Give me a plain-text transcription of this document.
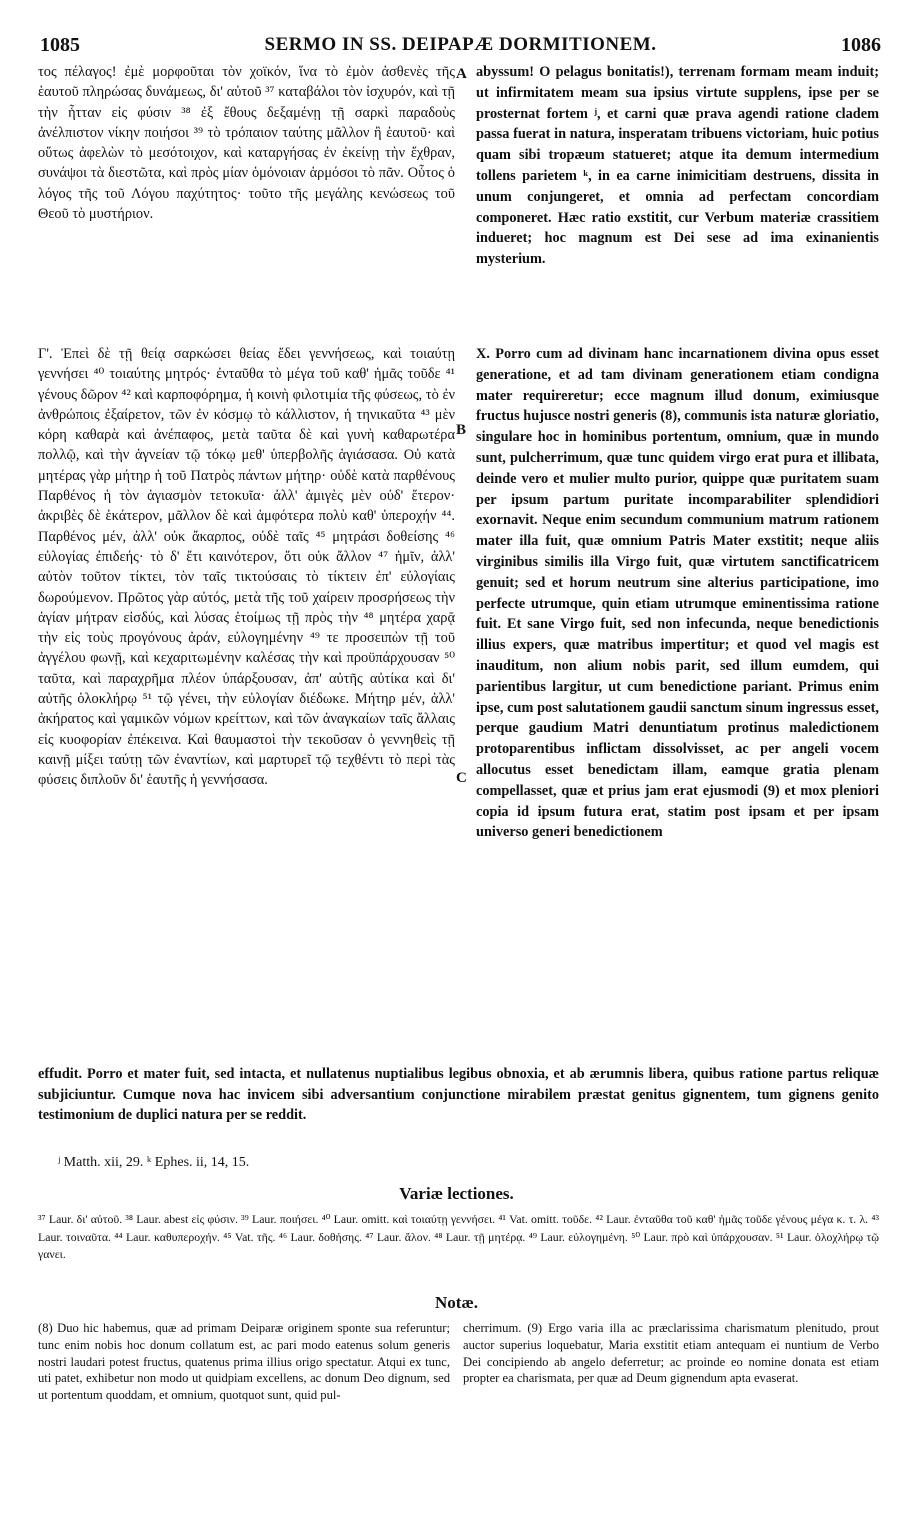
1085	SERMO IN SS. DEIPAPÆ DORMITIONEM.	1086
A
B
C
τος πέλαγος! ἐμὲ μορφοῦται τὸν χοϊκόν, ἵνα τὸ ἐμὸν ἀσθενὲς τῆς ἑαυτοῦ πληρώσας δυνάμεως, δι' αὐτοῦ ³⁷ καταβάλοι τὸν ἰσχυρόν, καὶ τῇ τὴν ἧτταν εἰς φύσιν ³⁸ ἐξ ἔθους δεξαμένῃ τῇ σαρκὶ παραδοὺς ἀνέλπιστον νίκην ποιήσοι ³⁹ τὸ τρόπαιον ταύτης μᾶλλον ἢ ἑαυτοῦ· καὶ οὕτως ἀφελὼν τὸ μεσότοιχον, καὶ καταργήσας ἐν ἐκείνῃ τὴν ἔχθραν, συνάψοι τὰ διεστῶτα, καὶ πρὸς μίαν ὁμόνοιαν ἁρμόσοι τὸ πᾶν. Οὗτος ὁ λόγος τῆς τοῦ Λόγου παχύτητος· τοῦτο τῆς μεγάλης κενώσεως τοῦ Θεοῦ τὸ μυστήριον.
abyssum! O pelagus bonitatis!), terrenam formam meam induit; ut infirmitatem meam sua ipsius virtute supplens, ipse per se prosternat fortem ʲ, et carni quæ prava agendi ratione cladem passa fuerat in natura, insperatam tribuens victoriam, huic potius quam sibi tropæum statueret; atque ita demum intermedium tollens parietem ᵏ, in ea carne inimicitiam destruens, dissita in unum conjungeret, et omnia ad perfectam concordiam componeret. Hæc ratio exstitit, cur Verbum materiæ crassitiem indueret; hoc magnum est Dei sese ad ima exinanientis mysterium.
Γ'. Ἐπεὶ δὲ τῇ θείᾳ σαρκώσει θείας ἔδει γεννήσεως, καὶ τοιαύτῃ γεννήσει ⁴⁰ τοιαύτης μητρός· ἐνταῦθα τὸ μέγα τοῦ καθ' ἡμᾶς τοῦδε ⁴¹ γένους δῶρον ⁴² καὶ καρποφόρημα, ἡ κοινὴ φιλοτιμία τῆς φύσεως, τὸ ἐν ἀνθρώποις ἐξαίρετον, τῶν ἐν κόσμῳ τὸ κάλλιστον, ἡ τηνικαῦτα ⁴³ μὲν κόρη καθαρὰ καὶ ἀνέπαφος, μετὰ ταῦτα δὲ καὶ γυνὴ καθαρωτέρα πολλῷ, καὶ τὴν ἁγνείαν τῷ τόκῳ μεθ' ὑπερβολῆς ἁγιάσασα. Οὐ κατὰ μητέρας γὰρ μήτηρ ἡ τοῦ Πατρὸς πάντων μήτηρ· οὐδὲ κατὰ παρθένους Παρθένος ἡ τὸν ἁγιασμὸν τετοκυῖα· ἀλλ' ἀμιγὲς μὲν οὐδ' ἕτερον· ἀκριβὲς δὲ ἑκάτερον, μᾶλλον δὲ καὶ ἀμφότερα πολὺ καθ' ὑπεροχήν ⁴⁴. Παρθένος μέν, ἀλλ' οὐκ ἄκαρπος, οὐδὲ ταῖς ⁴⁵ μητράσι δοθείσης ⁴⁶ εὐλογίας ἐπιδεής· τὸ δ' ἔτι καινότερον, ὅτι οὐκ ἄλλον ⁴⁷ ἡμῖν, ἀλλ' αὐτὸν τοῦτον τίκτει, τὸν ταῖς τικτούσαις τὸ τίκτειν ἐπ' εὐλογίαις δωρούμενον. Πρῶτος γὰρ αὐτός, μετὰ τῆς τοῦ χαίρειν προσρήσεως τὴν ἁγίαν μήτραν εἰσδύς, καὶ λύσας ἑτοίμως τῇ πρὸς τὴν ⁴⁸ μητέρα χαρᾷ τὴν εἰς τοὺς προγόνους ἀράν, εὐλογημένην ⁴⁹ τε προσειπὼν τῇ τοῦ ἀγγέλου φωνῇ, καὶ κεχαριτωμένην καλέσας τὴν καὶ προϋπάρχουσαν ⁵⁰ ταῦτα, καὶ παραχρῆμα πλέον ὑπάρξουσαν, ἀπ' αὐτῆς αὐτίκα καὶ δι' αὐτῆς ὁλοκλήρῳ ⁵¹ τῷ γένει, τὴν εὐλογίαν διέδωκε. Μήτηρ μέν, ἀλλ' ἀκήρατος καὶ γαμικῶν νόμων κρείττων, καὶ τῶν ἀναγκαίων ταῖς ἄλλαις εἰς κυοφορίαν ἐπέκεινα. Καὶ θαυμαστοὶ τὴν τεκοῦσαν ὁ γεννηθεὶς τῇ καινῇ μίξει ταύτῃ τῶν ἐναντίων, καὶ μαρτυρεῖ τῷ τεχθέντι τὸ περὶ τὰς φύσεις διπλοῦν δι' ἑαυτῆς ἡ γεννήσασα.
X. Porro cum ad divinam hanc incarnationem divina opus esset generatione, et ad tam divinam generationem etiam condigna mater requireretur; ecce magnum illud donum, eximiusque fructus hujusce nostri generis (8), communis ista naturæ gloriatio, singulare hoc in hominibus portentum, omnium, quæ in mundo sunt, pulcherrimum, quæ tunc quidem virgo erat pura et illibata, deinde vero et mulier multo purior, quippe quæ puritatem suam per ipsum partum puritate incomparabiliter splendidiori exornavit. Neque enim secundum communium matrum rationem mater illa fuit, quæ omnium Patris Mater exstitit; neque aliis virginibus similis illa Virgo fuit, quæ virtutem sanctificatricem genuit; sed et horum neutrum sine alterius participatione, imo perfecte utrumque, quin etiam utrumque eminentissima ratione fuit. Et sane Virgo fuit, sed non infecunda, neque benedictionis illius expers, quæ matribus impertitur; et quod vel magis est inauditum, non alium nobis parit, sed illum eumdem, qui parientibus largitur, ut cum benedictione pariant. Primus enim ipse, cum post salutationem gaudii sanctum sinum ingressus esset, perque gaudium Matri denuntiatum protinus maledictionem protoparentibus inflictam dissolvisset, ac per angeli vocem allocutus esset benedictam illam, eamque gratia plenam compellasset, quæ et prius jam erat ejusmodi (9) et mox pleniori copia id ipsum futura erat, statim post ipsam et per ipsam universo generi benedictionem
effudit. Porro et mater fuit, sed intacta, et nullatenus nuptialibus legibus obnoxia, et ab ærumnis libera, quibus ratione partus reliquæ subjiciuntur. Cumque nova hac invicem sibi adversantium conjunctione mirabilem præstat genitus gignentem, tum gignens genito testimonium de duplici natura per se reddit.
ʲ Matth. xii, 29. ᵏ Ephes. ii, 14, 15.
Variæ lectiones.
³⁷ Laur. δι' αὐτοῦ. ³⁸ Laur. abest εἰς φύσιν. ³⁹ Laur. ποιήσει. ⁴⁰ Laur. omitt. καὶ τοιαύτῃ γεννήσει. ⁴¹ Vat. omitt. τοῦδε. ⁴² Laur. ἐνταῦθα τοῦ καθ' ἡμᾶς τοῦδε γένους μέγα κ. τ. λ. ⁴³ Laur. τοιναῦτα. ⁴⁴ Laur. καθυπεροχήν. ⁴⁵ Vat. τῆς. ⁴⁶ Laur. δοθήσης. ⁴⁷ Laur. ἄλον. ⁴⁸ Laur. τῇ μητέρᾳ. ⁴⁹ Laur. εὐλογημένη. ⁵⁰ Laur. πρὸ καὶ ὑπάρχουσαν. ⁵¹ Laur. ὁλοχλήρῳ τῷ γανει.
Notæ.
(8) Duo hic habemus, quæ ad primam Deiparæ originem sponte sua referuntur; tunc enim nobis hoc donum collatum est, ac pari modo eatenus solum generis nostri laudari potest fructus, quatenus prima illius origo spectatur. Atqui ex tunc, uti patet, exhibetur non modo ut quidpiam excellens, ac donum Deo dignum, sed ut portentum quoddam, et omnium, quotquot sunt, quid pul-
cherrimum. (9) Ergo varia illa ac præclarissima charismatum plenitudo, prout auctor superius loquebatur, Maria exstitit etiam antequam ei nuntium de Verbo Dei concipiendo ab angelo deferretur; ac proinde eo nomine donata est etiam propter ea charismata, per quæ ad Deum gignendum apta evaserat.
